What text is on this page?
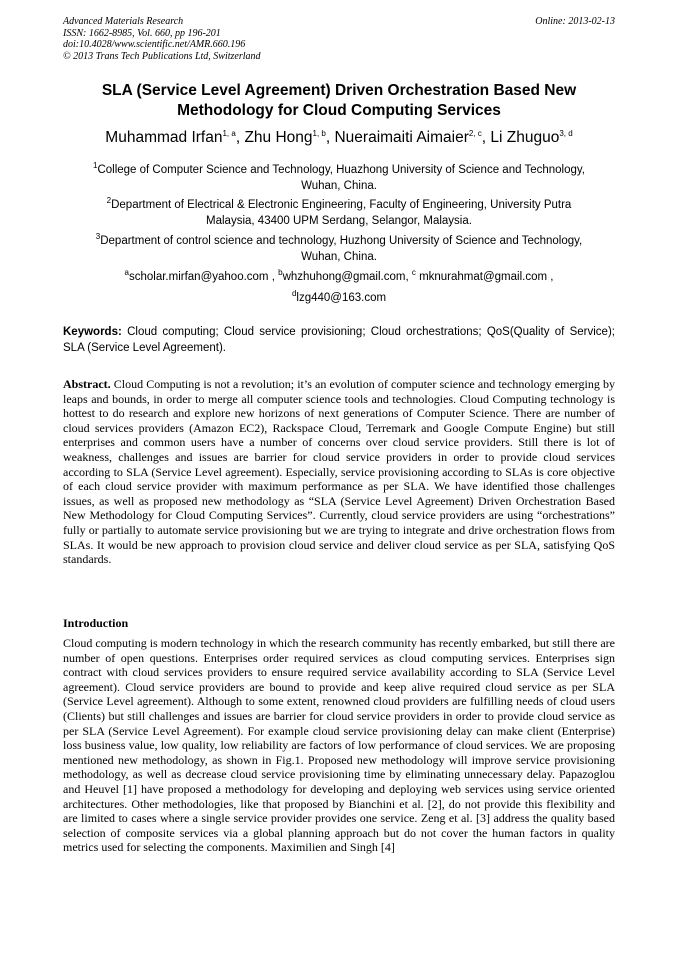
Advanced Materials Research
ISSN: 1662-8985, Vol. 660, pp 196-201
doi:10.4028/www.scientific.net/AMR.660.196
© 2013 Trans Tech Publications Ltd, Switzerland
Online: 2013-02-13
SLA (Service Level Agreement) Driven Orchestration Based New
Methodology for Cloud Computing Services
Muhammad Irfan$^{1, a}$, Zhu Hong$^{1, b}$, Nueraimaiti Aimaier$^{2, c}$, Li Zhuguo$^{3, d}$
$^1$College of Computer Science and Technology, Huazhong University of Science and Technology,
Wuhan, China.
$^2$Department of Electrical & Electronic Engineering, Faculty of Engineering, University Putra
Malaysia, 43400 UPM Serdang, Selangor, Malaysia.
$^3$Department of control science and technology, Huzhong University of Science and Technology,
Wuhan, China.
$^a$scholar.mirfan@yahoo.com , $^b$whzhuhong@gmail.com, $^c$ mknurahmat@gmail.com ,
$^d$lzg440@163.com
Keywords: Cloud computing; Cloud service provisioning; Cloud orchestrations; QoS(Quality of Service); SLA (Service Level Agreement).
Abstract. Cloud Computing is not a revolution; it’s an evolution of computer science and technology emerging by leaps and bounds, in order to merge all computer science tools and technologies. Cloud Computing technology is hottest to do research and explore new horizons of next generations of Computer Science. There are number of cloud services providers (Amazon EC2), Rackspace Cloud, Terremark and Google Compute Engine) but still enterprises and common users have a number of concerns over cloud service providers. Still there is lot of weakness, challenges and issues are barrier for cloud service providers in order to provide cloud services according to SLA (Service Level agreement). Especially, service provisioning according to SLAs is core objective of each cloud service provider with maximum performance as per SLA. We have identified those challenges issues, as well as proposed new methodology as “SLA (Service Level Agreement) Driven Orchestration Based New Methodology for Cloud Computing Services”. Currently, cloud service providers are using “orchestrations” fully or partially to automate service provisioning but we are trying to integrate and drive orchestration flows from SLAs. It would be new approach to provision cloud service and deliver cloud service as per SLA, satisfying QoS standards.
Introduction
Cloud computing is modern technology in which the research community has recently embarked, but still there are number of open questions. Enterprises order required services as cloud computing services. Enterprises sign contract with cloud services providers to ensure required service availability according to SLA (Service Level agreement). Cloud service providers are bound to provide and keep alive required cloud service as per SLA (Service Level agreement). Although to some extent, renowned cloud providers are fulfilling needs of cloud users (Clients) but still challenges and issues are barrier for cloud service providers in order to provide cloud service as per SLA (Service Level Agreement). For example cloud service provisioning delay can make client (Enterprise) loss business value, low quality, low reliability are factors of low performance of cloud services. We are proposing mentioned new methodology, as shown in Fig.1. Proposed new methodology will improve service provisioning methodology, as well as decrease cloud service provisioning time by eliminating unnecessary delay. Papazoglou and Heuvel [1] have proposed a methodology for developing and deploying web services using service oriented architectures. Other methodologies, like that proposed by Bianchini et al. [2], do not provide this flexibility and are limited to cases where a single service provider provides one service. Zeng et al. [3] address the quality based selection of composite services via a global planning approach but do not cover the human factors in quality metrics used for selecting the components. Maximilien and Singh [4]
